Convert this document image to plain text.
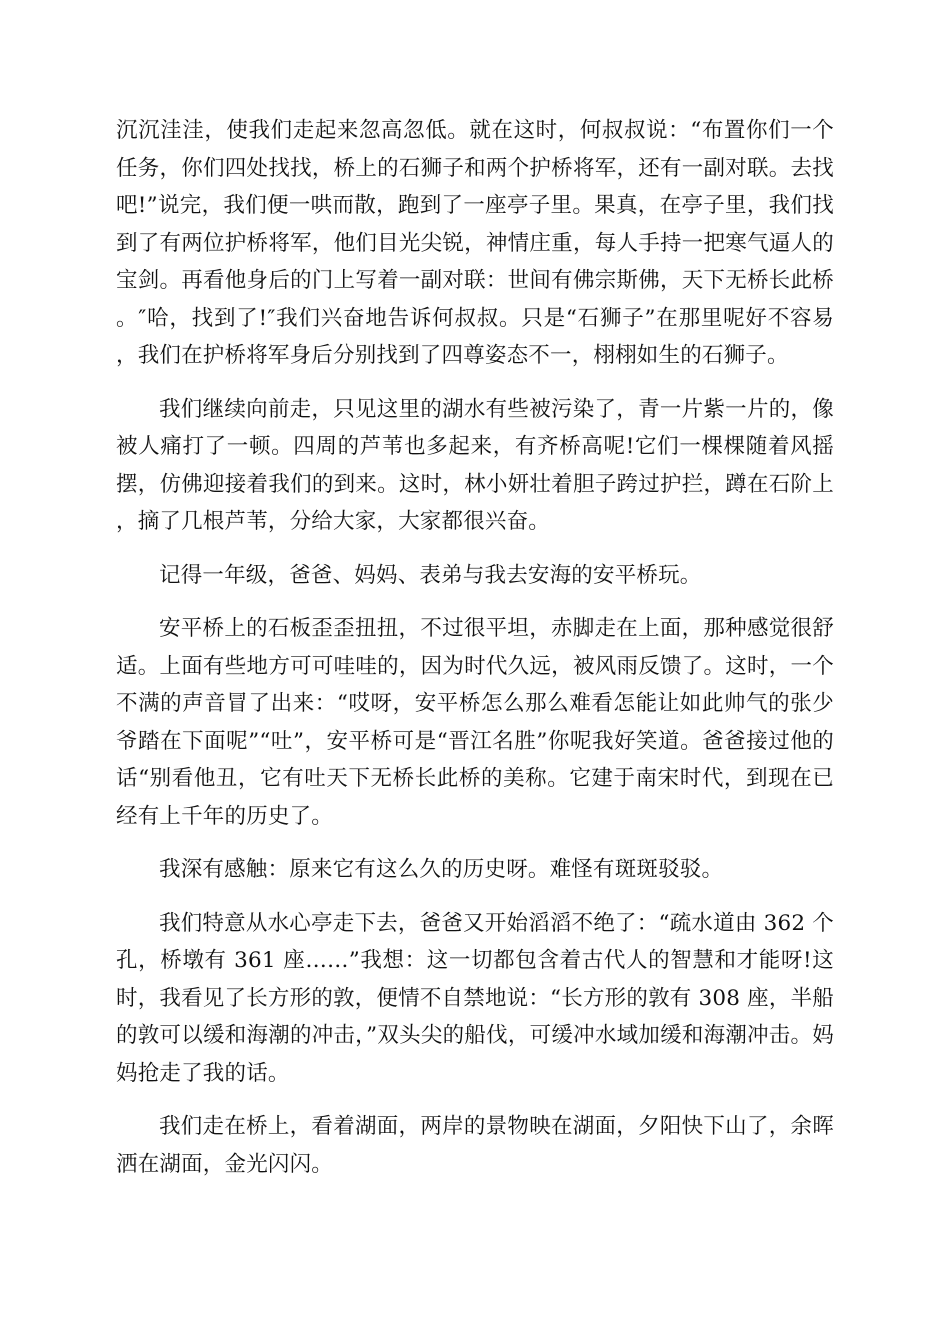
沉沉洼洼，使我们走起来忽高忽低。就在这时，何叔叔说：“布置你们一个任务，你们四处找找，桥上的石狮子和两个护桥将军，还有一副对联。去找吧!”说完，我们便一哄而散，跑到了一座亭子里。果真，在亭子里，我们找到了有两位护桥将军，他们目光尖锐，神情庄重，每人手持一把寒气逼人的宝剑。再看他身后的门上写着一副对联：世间有佛宗斯佛，天下无桥长此桥。″哈，找到了!″我们兴奋地告诉何叔叔。只是“石狮子”在那里呢好不容易，我们在护桥将军身后分别找到了四尊姿态不一，栩栩如生的石狮子。

我们继续向前走，只见这里的湖水有些被污染了，青一片紫一片的，像被人痛打了一顿。四周的芦苇也多起来，有齐桥高呢!它们一棵棵随着风摇摆，仿佛迎接着我们的到来。这时，林小妍壮着胆子跨过护拦，蹲在石阶上，摘了几根芦苇，分给大家，大家都很兴奋。

记得一年级，爸爸、妈妈、表弟与我去安海的安平桥玩。

安平桥上的石板歪歪扭扭，不过很平坦，赤脚走在上面，那种感觉很舒适。上面有些地方可可哇哇的，因为时代久远，被风雨反馈了。这时，一个不满的声音冒了出来：“哎呀，安平桥怎么那么难看怎能让如此帅气的张少爷踏在下面呢”“吐”，安平桥可是“晋江名胜”你呢我好笑道。爸爸接过他的话“别看他丑，它有吐天下无桥长此桥的美称。它建于南宋时代，到现在已经有上千年的历史了。

我深有感触：原来它有这么久的历史呀。难怪有斑斑驳驳。

我们特意从水心亭走下去，爸爸又开始滔滔不绝了：“疏水道由 362 个孔，桥墩有 361 座……”我想：这一切都包含着古代人的智慧和才能呀!这时，我看见了长方形的敦，便情不自禁地说：“长方形的敦有 308 座，半船的敦可以缓和海潮的冲击，”双头尖的船伐，可缓冲水域加缓和海潮冲击。妈妈抢走了我的话。

我们走在桥上，看着湖面，两岸的景物映在湖面，夕阳快下山了，余晖洒在湖面，金光闪闪。
